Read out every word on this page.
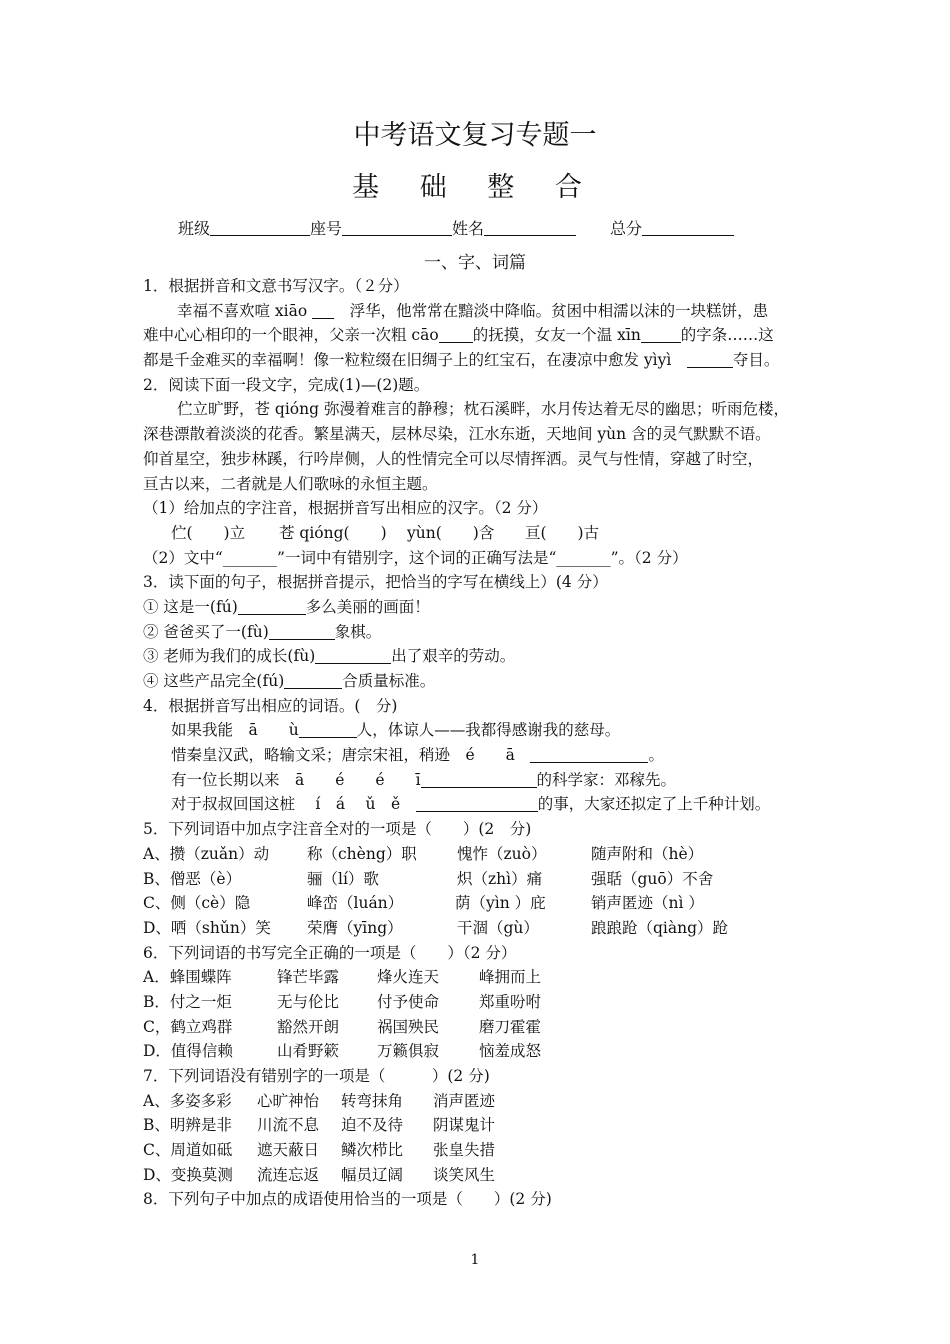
中考语文复习专题一
基 础 整 合
班级	座号	姓名	总分
一、字、词篇
1．根据拼音和文意书写汉字。（２分）
幸福不喜欢喧 xiāo 　	浮华，他常常在黯淡中降临。贫困中相濡以沫的一块糕饼，患
难中心心相印的一个眼神，父亲一次粗 cāo 的抚摸，女友一个温 xīn	的字条……这
都是千金难买的幸福啊！像一粒粒缀在旧绸子上的红宝石，在凄凉中愈发 yìyì　	夺目。
2．阅读下面一段文字，完成(1)—(2)题。
伫立旷野，苍 qióng 弥漫着难言的静穆；枕石溪畔，水月传达着无尽的幽思；听雨危楼，
深巷漂散着淡淡的花香。繁星满天，层林尽染，江水东逝，天地间 yùn 含的灵气默默不语。
仰首星空，独步林蹊，行吟岸侧，人的性情完全可以尽情挥洒。灵气与性情，穿越了时空，
亘古以来，二者就是人们歌咏的永恒主题。
（1）给加点的字注音，根据拼音写出相应的汉字。（2 分）
伫(　　)立 苍 qióng(　　) yùn(　　)含 亘(　　)古
（2）文中“_______”一词中有错别字，这个词的正确写法是“_______”。（2 分）
3．读下面的句子，根据拼音提示，把恰当的字写在横线上）(4 分）
① 这是一(fú)	多么美丽的画面！
② 爸爸买了一(fù)	象棋。
③ 老师为我们的成长(fù)	出了艰辛的劳动。
④ 这些产品完全(fú)	合质量标准。
4．根据拼音写出相应的词语。(　分)
如果我能　ā　　ù	人，体谅人——我都得感谢我的慈母。
惜秦皇汉武，略输文采；唐宗宋祖，稍逊　é　　ā　	。
有一位长期以来　ā　　é　　é　　ī	的科学家：邓稼先。
对于叔叔回国这桩　 í　á　 ǔ　ě　	的事，大家还拟定了上千种计划。
5．下列词语中加点字注音全对的一项是（　　）(2　分)
A、攒（zuǎn）动 称（chèng）职	愧怍（zuò）	随声附和（hè）
B、僧恶（è）	骊（lí）歌	炽（zhì）痛	强聒（guō）不舍
C、侧（cè）隐	峰峦（luán）	荫（yìn ）庇	销声匿迹（nì ）
D、哂（shǔn）笑 荣膺（yīng）	干涸（gù）	踉踉跄（qiàng）跄
6．下列词语的书写完全正确的一项是（　　）（2 分）
A．蜂围蝶阵	锋芒毕露 烽火连天	峰拥而上
B．付之一炬	无与伦比 付予使命	郑重吩咐
C，鹤立鸡群	豁然开朗 祸国殃民	磨刀霍霍
D．值得信赖	山肴野簌 万籁俱寂	恼羞成怒
7．下列词语没有错别字的一项是（　　　）(2 分)
A、多姿多彩 心旷神怡 转弯抹角 消声匿迹
B、明辨是非 川流不息 迫不及待 阴谋鬼计
C、周道如砥 遮天蔽日 鳞次栉比 张皇失措
D、变换莫测 流连忘返 幅员辽阔 谈笑风生
8．下列句子中加点的成语使用恰当的一项是（　　）(2 分)
1
